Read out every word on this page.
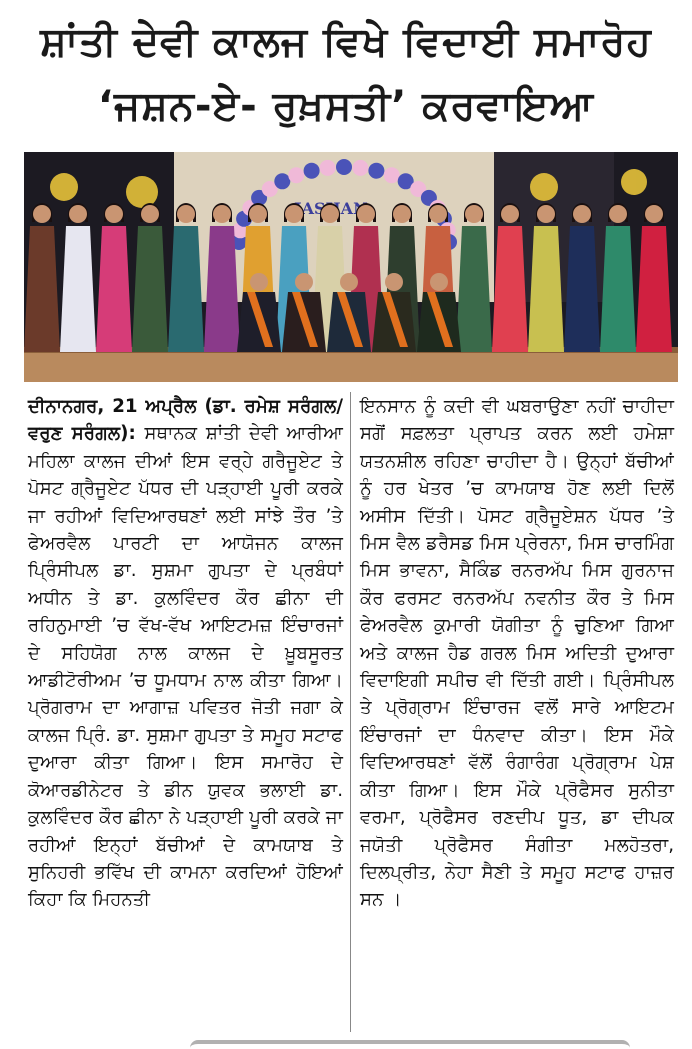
ਸ਼ਾਂਤੀ ਦੇਵੀ ਕਾਲਜ ਵਿਖੇ ਵਿਦਾਈ ਸਮਾਰੋਹ
‘ਜਸ਼ਨ-ਏ- ਰੁਖ਼ਸਤੀ’ ਕਰਵਾਇਆ
ਦੀਨਾਨਗਰ, 21 ਅਪ੍ਰੈਲ (ਡਾ. ਰਮੇਸ਼ ਸਰੰਗਲ/ਵਰੁਣ ਸਰੰਗਲ): ਸਥਾਨਕ ਸ਼ਾਂਤੀ ਦੇਵੀ ਆਰੀਆ ਮਹਿਲਾ ਕਾਲਜ ਦੀਆਂ ਇਸ ਵਰ੍ਹੇ ਗਰੈਜੂਏਟ ਤੇ ਪੋਸਟ ਗ੍ਰੈਜੂਏਟ ਪੱਧਰ ਦੀ ਪੜ੍ਹਾਈ ਪੂਰੀ ਕਰਕੇ ਜਾ ਰਹੀਆਂ ਵਿਦਿਆਰਥਣਾਂ ਲਈ ਸਾਂਝੇ ਤੌਰ ’ਤੇ ਫੇਅਰਵੈਲ ਪਾਰਟੀ ਦਾ ਆਯੋਜਨ ਕਾਲਜ ਪ੍ਰਿੰਸੀਪਲ ਡਾ. ਸੁਸ਼ਮਾ ਗੁਪਤਾ ਦੇ ਪ੍ਰਬੰਧਾਂ ਅਧੀਨ ਤੇ ਡਾ. ਕੁਲਵਿੰਦਰ ਕੌਰ ਛੀਨਾ ਦੀ ਰਹਿਨੁਮਾਈ ’ਚ ਵੱਖ-ਵੱਖ ਆਇਟਮਜ਼ ਇੰਚਾਰਜਾਂ ਦੇ ਸਹਿਯੋਗ ਨਾਲ ਕਾਲਜ ਦੇ ਖ਼ੂਬਸੂਰਤ ਆਡੀਟੋਰੀਅਮ ’ਚ ਧੂਮਧਾਮ ਨਾਲ ਕੀਤਾ ਗਿਆ। ਪ੍ਰੋਗਰਾਮ ਦਾ ਆਗਾਜ਼ ਪਵਿਤਰ ਜੋਤੀ ਜਗਾ ਕੇ ਕਾਲਜ ਪ੍ਰਿੰ. ਡਾ. ਸੁਸ਼ਮਾ ਗੁਪਤਾ ਤੇ ਸਮੂਹ ਸਟਾਫ ਦੁਆਰਾ ਕੀਤਾ ਗਿਆ। ਇਸ ਸਮਾਰੋਹ ਦੇ ਕੋਆਰਡੀਨੇਟਰ ਤੇ ਡੀਨ ਯੁਵਕ ਭਲਾਈ ਡਾ. ਕੁਲਵਿੰਦਰ ਕੌਰ ਛੀਨਾ ਨੇ ਪੜ੍ਹਾਈ ਪੂਰੀ ਕਰਕੇ ਜਾ ਰਹੀਆਂ ਇਨ੍ਹਾਂ ਬੱਚੀਆਂ ਦੇ ਕਾਮਯਾਬ ਤੇ ਸੁਨਿਹਰੀ ਭਵਿੱਖ ਦੀ ਕਾਮਨਾ ਕਰਦਿਆਂ ਹੋਇਆਂ ਕਿਹਾ ਕਿ ਮਿਹਨਤੀ
ਇਨਸਾਨ ਨੂੰ ਕਦੀ ਵੀ ਘਬਰਾਉਣਾ ਨਹੀਂ ਚਾਹੀਦਾ ਸਗੋਂ ਸਫ਼ਲਤਾ ਪ੍ਰਾਪਤ ਕਰਨ ਲਈ ਹਮੇਸ਼ਾ ਯਤਨਸ਼ੀਲ ਰਹਿਣਾ ਚਾਹੀਦਾ ਹੈ। ਉਨ੍ਹਾਂ ਬੱਚੀਆਂ ਨੂੰ ਹਰ ਖੇਤਰ ’ਚ ਕਾਮਯਾਬ ਹੋਣ ਲਈ ਦਿਲੋਂ ਅਸੀਸ ਦਿੱਤੀ। ਪੋਸਟ ਗ੍ਰੈਜੂਏਸ਼ਨ ਪੱਧਰ ’ਤੇ ਮਿਸ ਵੈਲ ਡਰੈਸਡ ਮਿਸ ਪ੍ਰੇਰਨਾ, ਮਿਸ ਚਾਰਮਿੰਗ ਮਿਸ ਭਾਵਨਾ, ਸੈਕਿੰਡ ਰਨਰਅੱਪ ਮਿਸ ਗੁਰਨਾਜ ਕੌਰ ਫਰਸਟ ਰਨਰਅੱਪ ਨਵਨੀਤ ਕੌਰ ਤੇ ਮਿਸ ਫੇਅਰਵੈਲ ਕੁਮਾਰੀ ਯੋਗੀਤਾ ਨੂੰ ਚੁਣਿਆ ਗਿਆ ਅਤੇ ਕਾਲਜ ਹੈਡ ਗਰਲ ਮਿਸ ਅਦਿਤੀ ਦੁਆਰਾ ਵਿਦਾਇਗੀ ਸਪੀਚ ਵੀ ਦਿੱਤੀ ਗਈ। ਪ੍ਰਿੰਸੀਪਲ ਤੇ ਪ੍ਰੋਗ੍ਰਾਮ ਇੰਚਾਰਜ ਵਲੋਂ ਸਾਰੇ ਆਇਟਮ ਇੰਚਾਰਜਾਂ ਦਾ ਧੰਨਵਾਦ ਕੀਤਾ। ਇਸ ਮੌਕੇ ਵਿਦਿਆਰਥਣਾਂ ਵੱਲੋਂ ਰੰਗਾਰੰਗ ਪ੍ਰੋਗ੍ਰਾਮ ਪੇਸ਼ ਕੀਤਾ ਗਿਆ। ਇਸ ਮੌਕੇ ਪ੍ਰੋਫੈਸਰ ਸੁਨੀਤਾ ਵਰਮਾ, ਪ੍ਰੋਫੈਸਰ ਰਣਦੀਪ ਧੂਤ, ਡਾ ਦੀਪਕ ਜਯੋਤੀ ਪ੍ਰੋਫੈਸਰ ਸੰਗੀਤਾ ਮਲਹੋਤਰਾ, ਦਿਲਪ੍ਰੀਤ, ਨੇਹਾ ਸੈਣੀ ਤੇ ਸਮੂਹ ਸਟਾਫ ਹਾਜ਼ਰ ਸਨ ।
